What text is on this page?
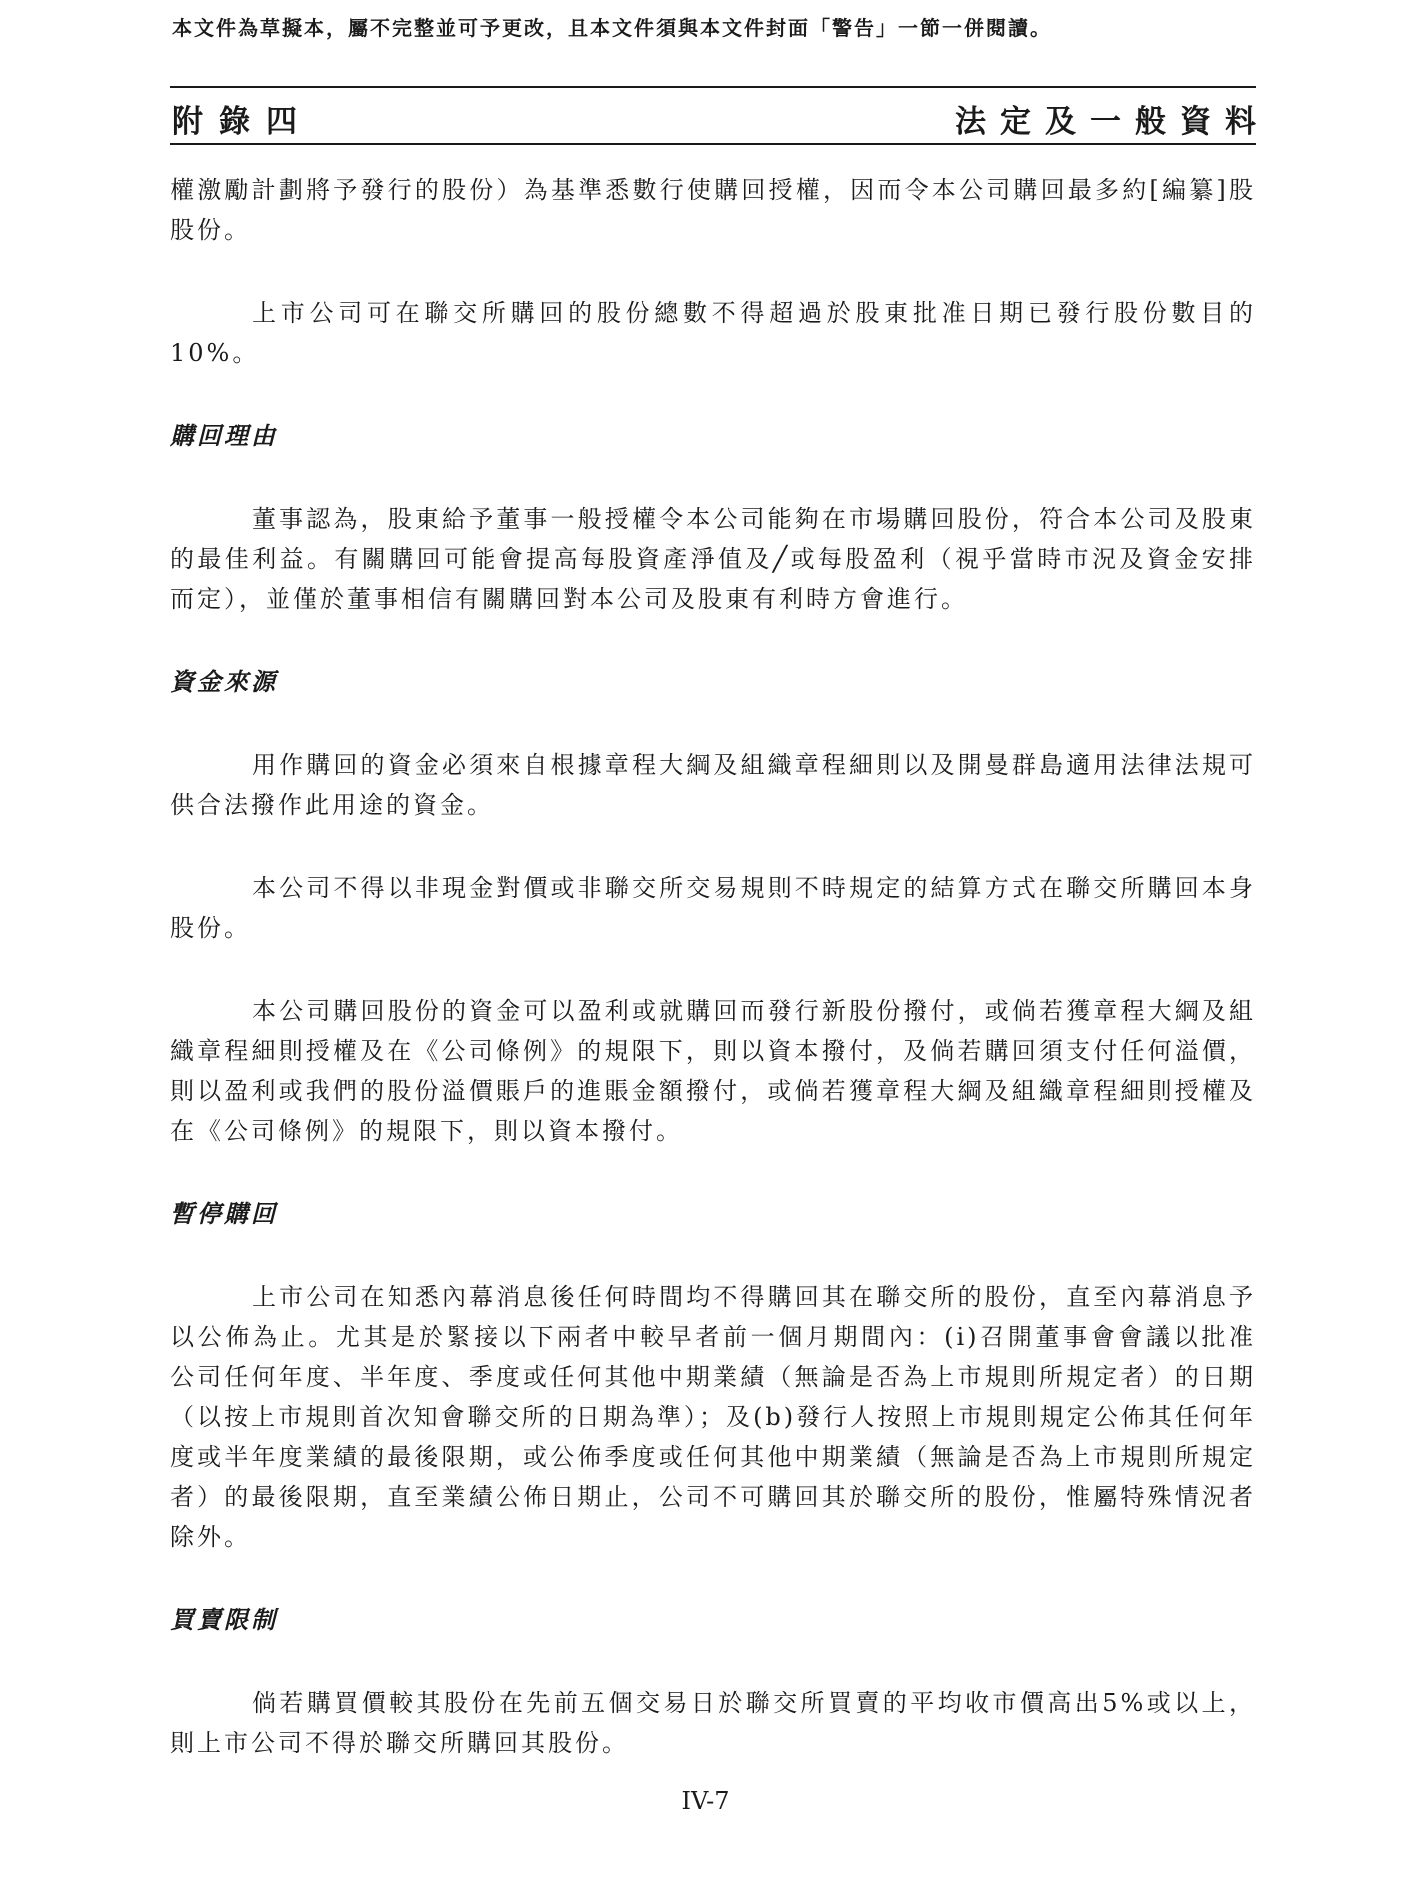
本文件為草擬本，屬不完整並可予更改，且本文件須與本文件封面「警告」一節一併閱讀。
附錄四	法定及一般資料

權激勵計劃將予發行的股份）為基準悉數行使購回授權，因而令本公司購回最多約[編纂]股股份。

上市公司可在聯交所購回的股份總數不得超過於股東批准日期已發行股份數目的10%。

購回理由

董事認為，股東給予董事一般授權令本公司能夠在市場購回股份，符合本公司及股東的最佳利益。有關購回可能會提高每股資產淨值及╱或每股盈利（視乎當時市況及資金安排而定），並僅於董事相信有關購回對本公司及股東有利時方會進行。

資金來源

用作購回的資金必須來自根據章程大綱及組織章程細則以及開曼群島適用法律法規可供合法撥作此用途的資金。

本公司不得以非現金對價或非聯交所交易規則不時規定的結算方式在聯交所購回本身股份。

本公司購回股份的資金可以盈利或就購回而發行新股份撥付，或倘若獲章程大綱及組織章程細則授權及在《公司條例》的規限下，則以資本撥付，及倘若購回須支付任何溢價，則以盈利或我們的股份溢價賬戶的進賬金額撥付，或倘若獲章程大綱及組織章程細則授權及在《公司條例》的規限下，則以資本撥付。

暫停購回

上市公司在知悉內幕消息後任何時間均不得購回其在聯交所的股份，直至內幕消息予以公佈為止。尤其是於緊接以下兩者中較早者前一個月期間內：(i)召開董事會會議以批准公司任何年度、半年度、季度或任何其他中期業績（無論是否為上市規則所規定者）的日期（以按上市規則首次知會聯交所的日期為準）；及(b)發行人按照上市規則規定公佈其任何年度或半年度業績的最後限期，或公佈季度或任何其他中期業績（無論是否為上市規則所規定者）的最後限期，直至業績公佈日期止，公司不可購回其於聯交所的股份，惟屬特殊情況者除外。

買賣限制

倘若購買價較其股份在先前五個交易日於聯交所買賣的平均收市價高出5%或以上，則上市公司不得於聯交所購回其股份。

IV-7
